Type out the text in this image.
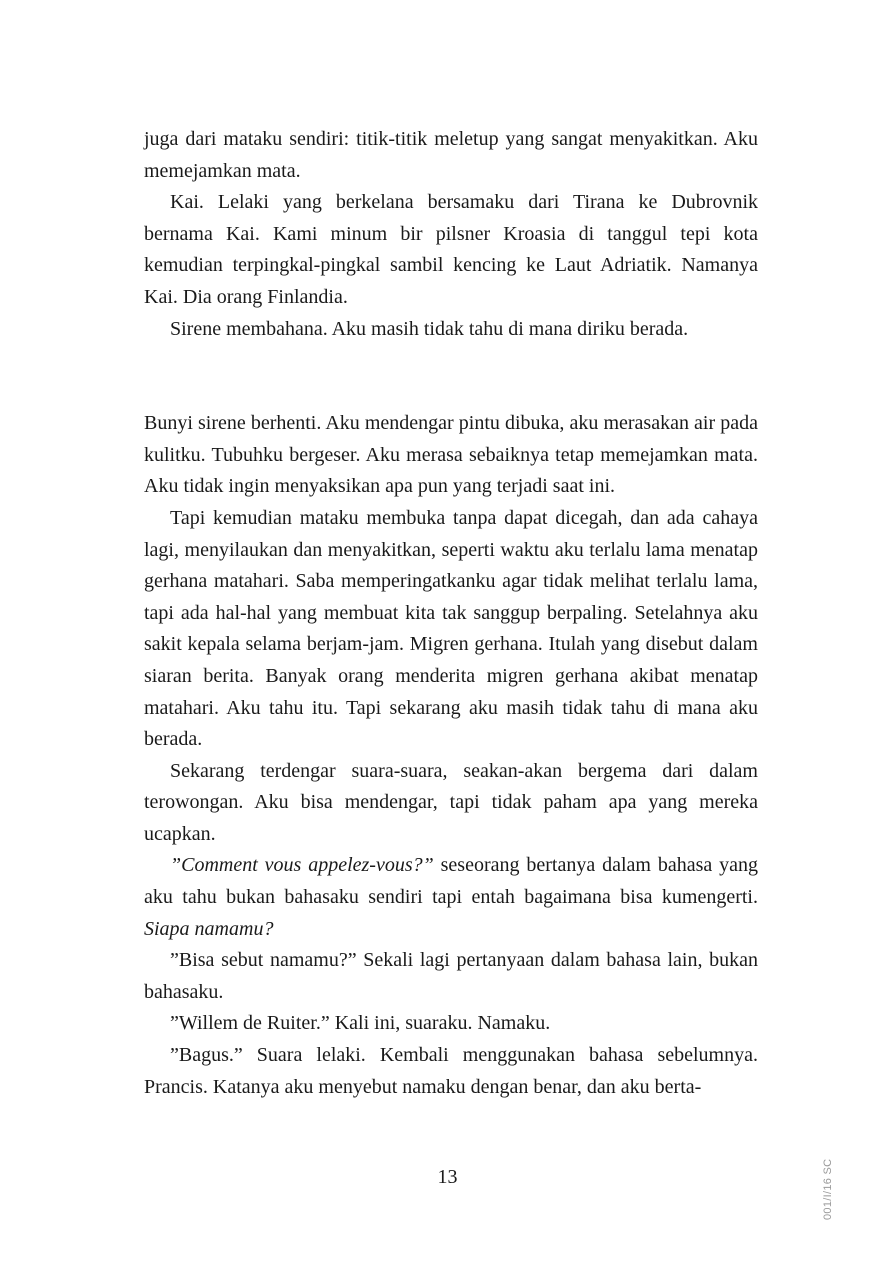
juga dari mataku sendiri: titik-titik meletup yang sangat menyakitkan. Aku memejamkan mata.

Kai. Lelaki yang berkelana bersamaku dari Tirana ke Dubrovnik bernama Kai. Kami minum bir pilsner Kroasia di tanggul tepi kota kemudian terpingkal-pingkal sambil kencing ke Laut Adriatik. Namanya Kai. Dia orang Finlandia.

Sirene membahana. Aku masih tidak tahu di mana diriku berada.

Bunyi sirene berhenti. Aku mendengar pintu dibuka, aku merasakan air pada kulitku. Tubuhku bergeser. Aku merasa sebaiknya tetap memejamkan mata. Aku tidak ingin menyaksikan apa pun yang terjadi saat ini.

Tapi kemudian mataku membuka tanpa dapat dicegah, dan ada cahaya lagi, menyilaukan dan menyakitkan, seperti waktu aku terlalu lama menatap gerhana matahari. Saba memperingatkanku agar tidak melihat terlalu lama, tapi ada hal-hal yang membuat kita tak sanggup berpaling. Setelahnya aku sakit kepala selama berjam-jam. Migren gerhana. Itulah yang disebut dalam siaran berita. Banyak orang menderita migren gerhana akibat menatap matahari. Aku tahu itu. Tapi sekarang aku masih tidak tahu di mana aku berada.

Sekarang terdengar suara-suara, seakan-akan bergema dari dalam terowongan. Aku bisa mendengar, tapi tidak paham apa yang mereka ucapkan.

”Comment vous appelez-vous?” seseorang bertanya dalam bahasa yang aku tahu bukan bahasaku sendiri tapi entah bagaimana bisa kumengerti. Siapa namamu?

”Bisa sebut namamu?” Sekali lagi pertanyaan dalam bahasa lain, bukan bahasaku.

”Willem de Ruiter.” Kali ini, suaraku. Namaku.

”Bagus.” Suara lelaki. Kembali menggunakan bahasa sebelumnya. Prancis. Katanya aku menyebut namaku dengan benar, dan aku berta-

13	001/I/16 SC
